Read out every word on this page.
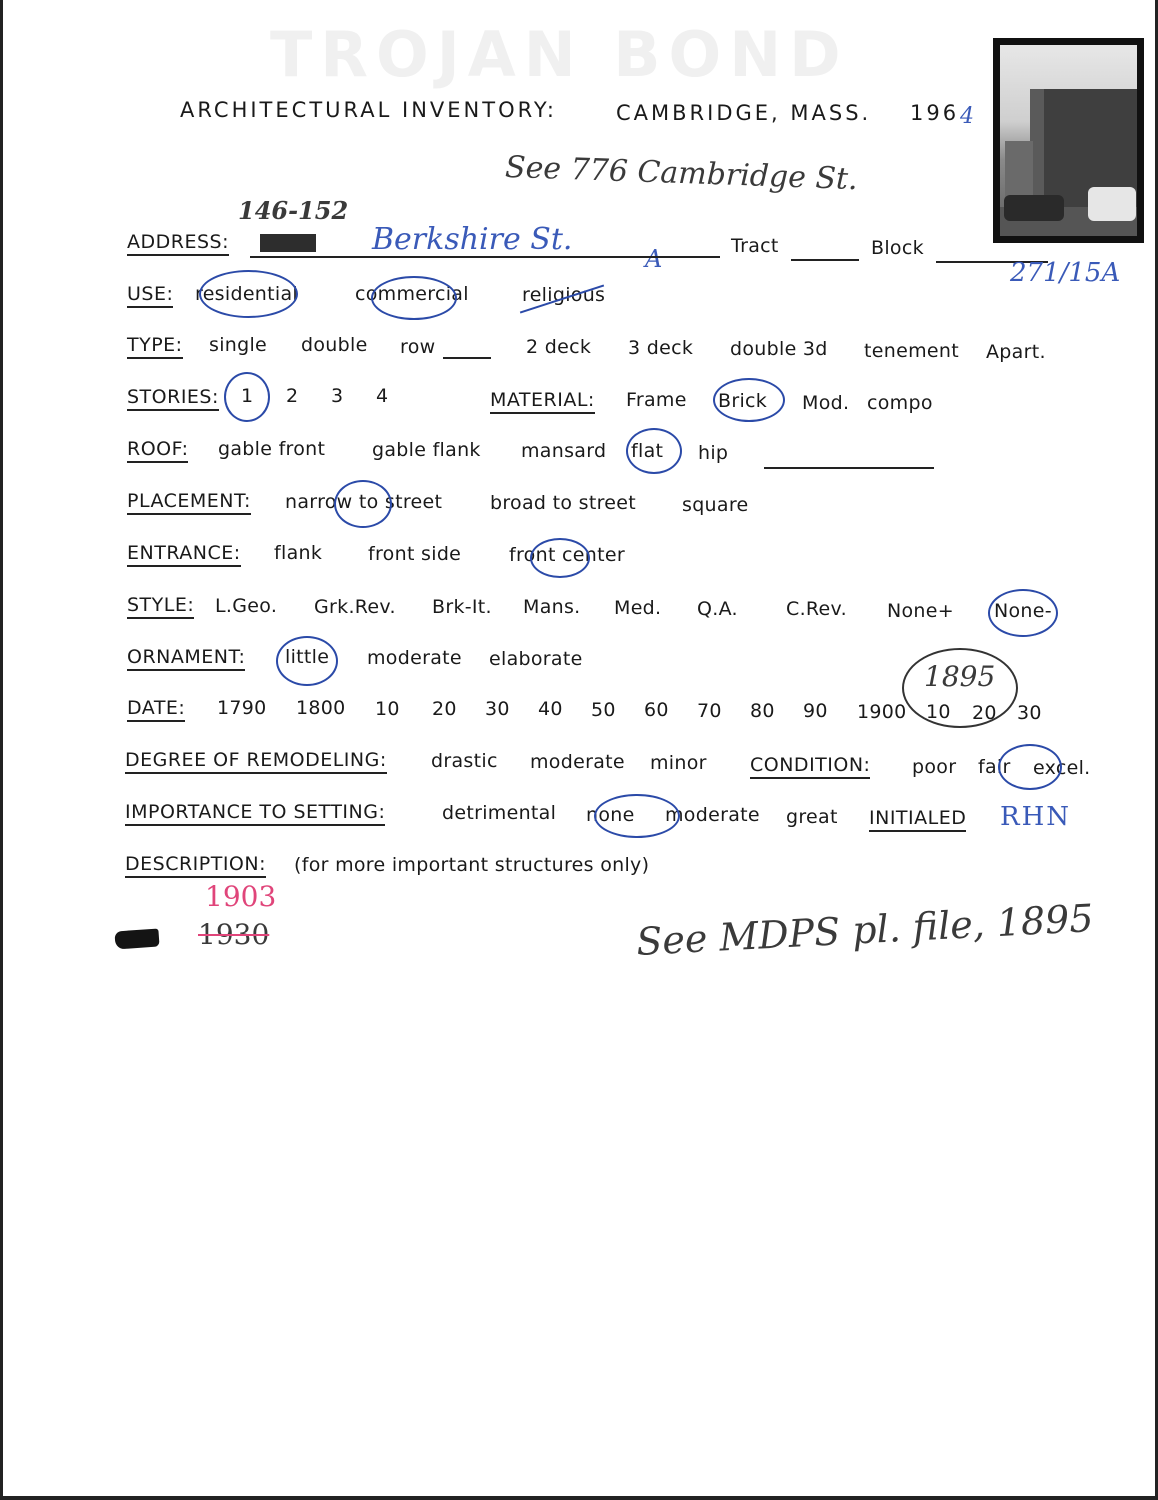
TROJAN BOND
ARCHITECTURAL INVENTORY:	CAMBRIDGE, MASS. 196 4
See 776 Cambridge St.
146-152
ADDRESS:	Berkshire St.
A	Tract	Block
271/15A
USE: residential	commercial	religious
TYPE: single double row	2 deck 3 deck double 3d tenement Apart.
STORIES: 1 2 3 4	MATERIAL: Frame Brick Mod. compo
ROOF: gable front gable flank mansard flat hip
PLACEMENT: narrow to street	broad to street square
ENTRANCE: flank front side	front center
STYLE: L.Geo. Grk.Rev. Brk-It. Mans. Med. Q.A.	C.Rev. None+ None-
ORNAMENT: little moderate elaborate
DATE: 1790 1800 10 20 30 40 50 60 70 80 90 1900 10 20 30
1895
DEGREE OF REMODELING: drastic moderate minor CONDITION: poor fair excel.
IMPORTANCE TO SETTING:	detrimental none moderate great INITIALED RHN
DESCRIPTION: (for more important structures only)
1903
1930	See MDPS pl. file, 1895
